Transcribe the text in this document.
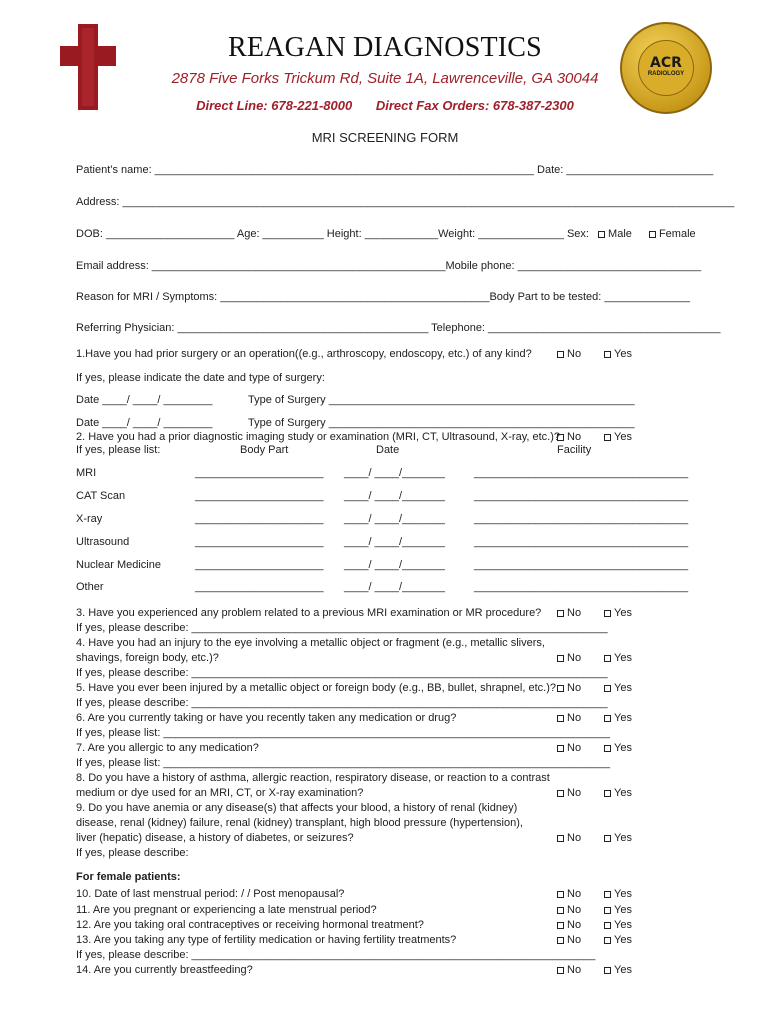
REAGAN DIAGNOSTICS
2878 Five Forks Trickum Rd, Suite 1A, Lawrenceville, GA 30044
Direct Line: 678-221-8000 Direct Fax Orders: 678-387-2300
ACR
RADIOLOGY
MRI SCREENING FORM
Patient’s name: ______________________________________________________________ Date: ________________________
Address: ____________________________________________________________________________________________________
DOB: _____________________ Age: __________ Height: ____________Weight: ______________ Sex: Male Female
Email address: ________________________________________________Mobile phone: ______________________________
Reason for MRI / Symptoms: ____________________________________________Body Part to be tested: ______________
Referring Physician: _________________________________________ Telephone: ______________________________________
1.Have you had prior surgery or an operation((e.g., arthroscopy, endoscopy, etc.) of any kind?	No	Yes
If yes, please indicate the date and type of surgery:
Date ____/ ____/ ________	Type of Surgery __________________________________________________
Date ____/ ____/ ________	Type of Surgery __________________________________________________
2. Have you had a prior diagnostic imaging study or examination (MRI, CT, Ultrasound, X-ray, etc.)? No	Yes
If yes, please list:	Body Part	Date	Facility
MRI	_____________________ ____/ ____/_______	___________________________________
CAT Scan	_____________________ ____/ ____/_______	___________________________________
X-ray	_____________________ ____/ ____/_______	___________________________________
Ultrasound	_____________________ ____/ ____/_______	___________________________________
Nuclear Medicine	_____________________ ____/ ____/_______	___________________________________
Other	_____________________ ____/ ____/_______	___________________________________
3. Have you experienced any problem related to a previous MRI examination or MR procedure?	No	Yes
If yes, please describe: ____________________________________________________________________
4. Have you had an injury to the eye involving a metallic object or fragment (e.g., metallic slivers,
shavings, foreign body, etc.)?	No	Yes
If yes, please describe: ____________________________________________________________________
5. Have you ever been injured by a metallic object or foreign body (e.g., BB, bullet, shrapnel, etc.)?	No	Yes
If yes, please describe: ____________________________________________________________________
6. Are you currently taking or have you recently taken any medication or drug?	No	Yes
If yes, please list: _________________________________________________________________________
7. Are you allergic to any medication?	No	Yes
If yes, please list: _________________________________________________________________________
8. Do you have a history of asthma, allergic reaction, respiratory disease, or reaction to a contrast
medium or dye used for an MRI, CT, or X-ray examination?	No	Yes
9. Do you have anemia or any disease(s) that affects your blood, a history of renal (kidney)
disease, renal (kidney) failure, renal (kidney) transplant, high blood pressure (hypertension),
liver (hepatic) disease, a history of diabetes, or seizures?	No	Yes
If yes, please describe:
For female patients:
10. Date of last menstrual period: / / Post menopausal?	No	Yes
11. Are you pregnant or experiencing a late menstrual period?	No	Yes
12. Are you taking oral contraceptives or receiving hormonal treatment?	No	Yes
13. Are you taking any type of fertility medication or having fertility treatments?	No	Yes
If yes, please describe: __________________________________________________________________
14. Are you currently breastfeeding?	No	Yes
